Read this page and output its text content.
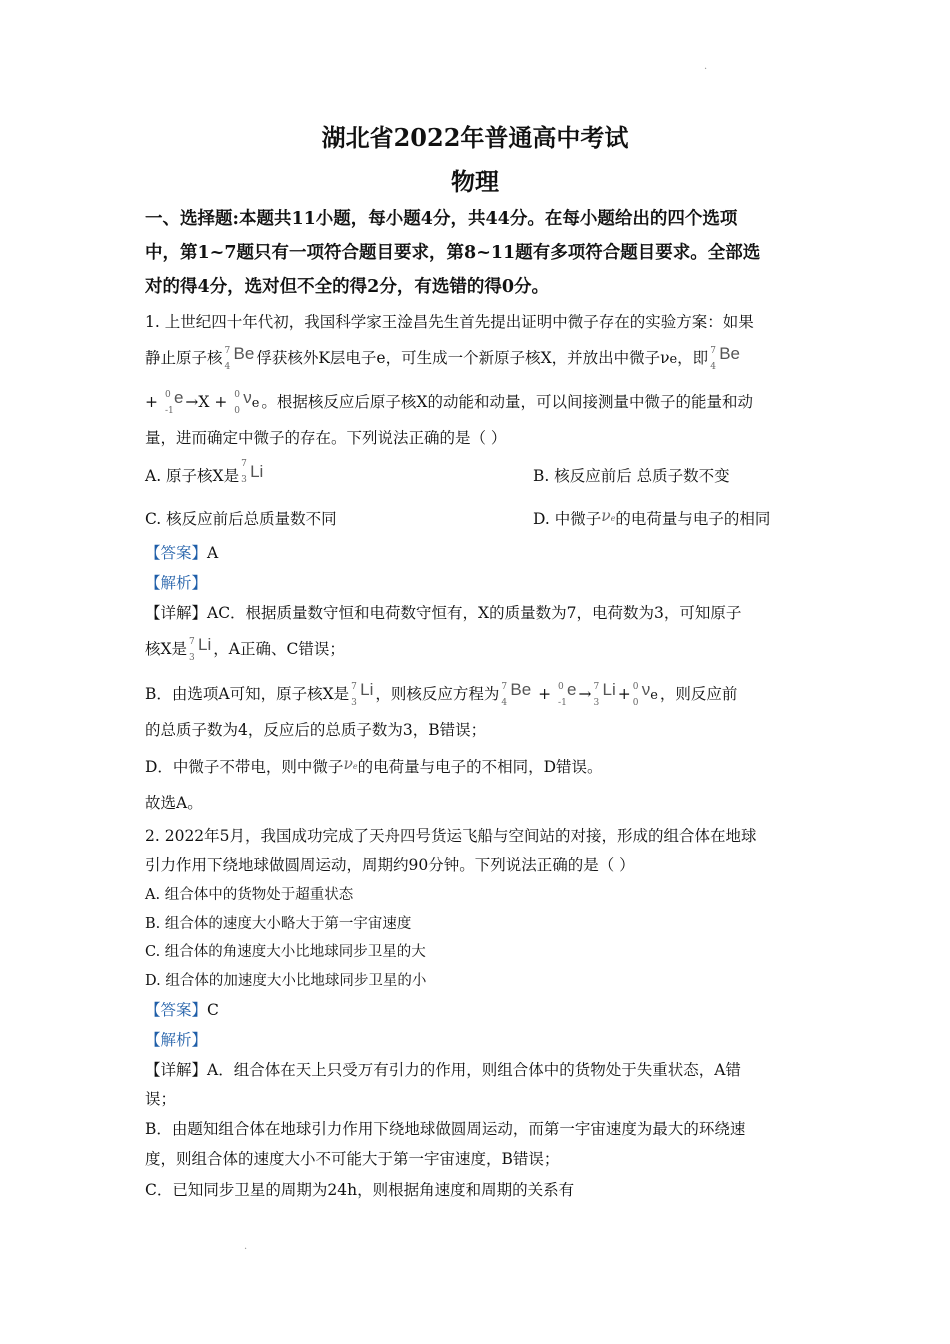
·
·
湖北省2022年普通高中考试
物理
一、选择题:本题共11小题，每小题4分，共44分。在每小题给出的四个选项
中，第1~7题只有一项符合题目要求，第8~11题有多项符合题目要求。全部选
对的得4分，选对但不全的得2分，有选错的得0分。
1. 上世纪四十年代初，我国科学家王淦昌先生首先提出证明中微子存在的实验方案：如果
静止原子核 7
4
Be 俘获核外K层电子e，可生成一个新原子核X，并放出中微子νe，即 7
4
Be
+ 0
-1
e →X + 0
0
νe 。根据核反应后原子核X的动能和动量，可以间接测量中微子的能量和动
量，进而确定中微子的存在。下列说法正确的是（ ）
A. 原子核X是
7
3 Li	B. 核反应前后 总质子数不变
C. 核反应前后总质量数不同	D. 中微子νe的电荷量与电子的相同
【答案】A
【解析】
【详解】AC．根据质量数守恒和电荷数守恒有，X的质量数为7，电荷数为3，可知原子
核X是 7
3
Li ，A正确、C错误；
B．由选项A可知，原子核X是 7
3
Li ，则核反应方程为 7
4
Be + 0
-1
e → 7
3
Li + 0
0
νe ，则反应前
的总质子数为4，反应后的总质子数为3，B错误；
D．中微子不带电，则中微子νe的电荷量与电子的不相同，D错误。
故选A。
2. 2022年5月，我国成功完成了天舟四号货运飞船与空间站的对接，形成的组合体在地球
引力作用下绕地球做圆周运动，周期约90分钟。下列说法正确的是（ ）
A. 组合体中的货物处于超重状态
B. 组合体的速度大小略大于第一宇宙速度
C. 组合体的角速度大小比地球同步卫星的大
D. 组合体的加速度大小比地球同步卫星的小
【答案】C
【解析】
【详解】A．组合体在天上只受万有引力的作用，则组合体中的货物处于失重状态，A错
误；
B．由题知组合体在地球引力作用下绕地球做圆周运动，而第一宇宙速度为最大的环绕速
度，则组合体的速度大小不可能大于第一宇宙速度，B错误；
C．已知同步卫星的周期为24h，则根据角速度和周期的关系有
